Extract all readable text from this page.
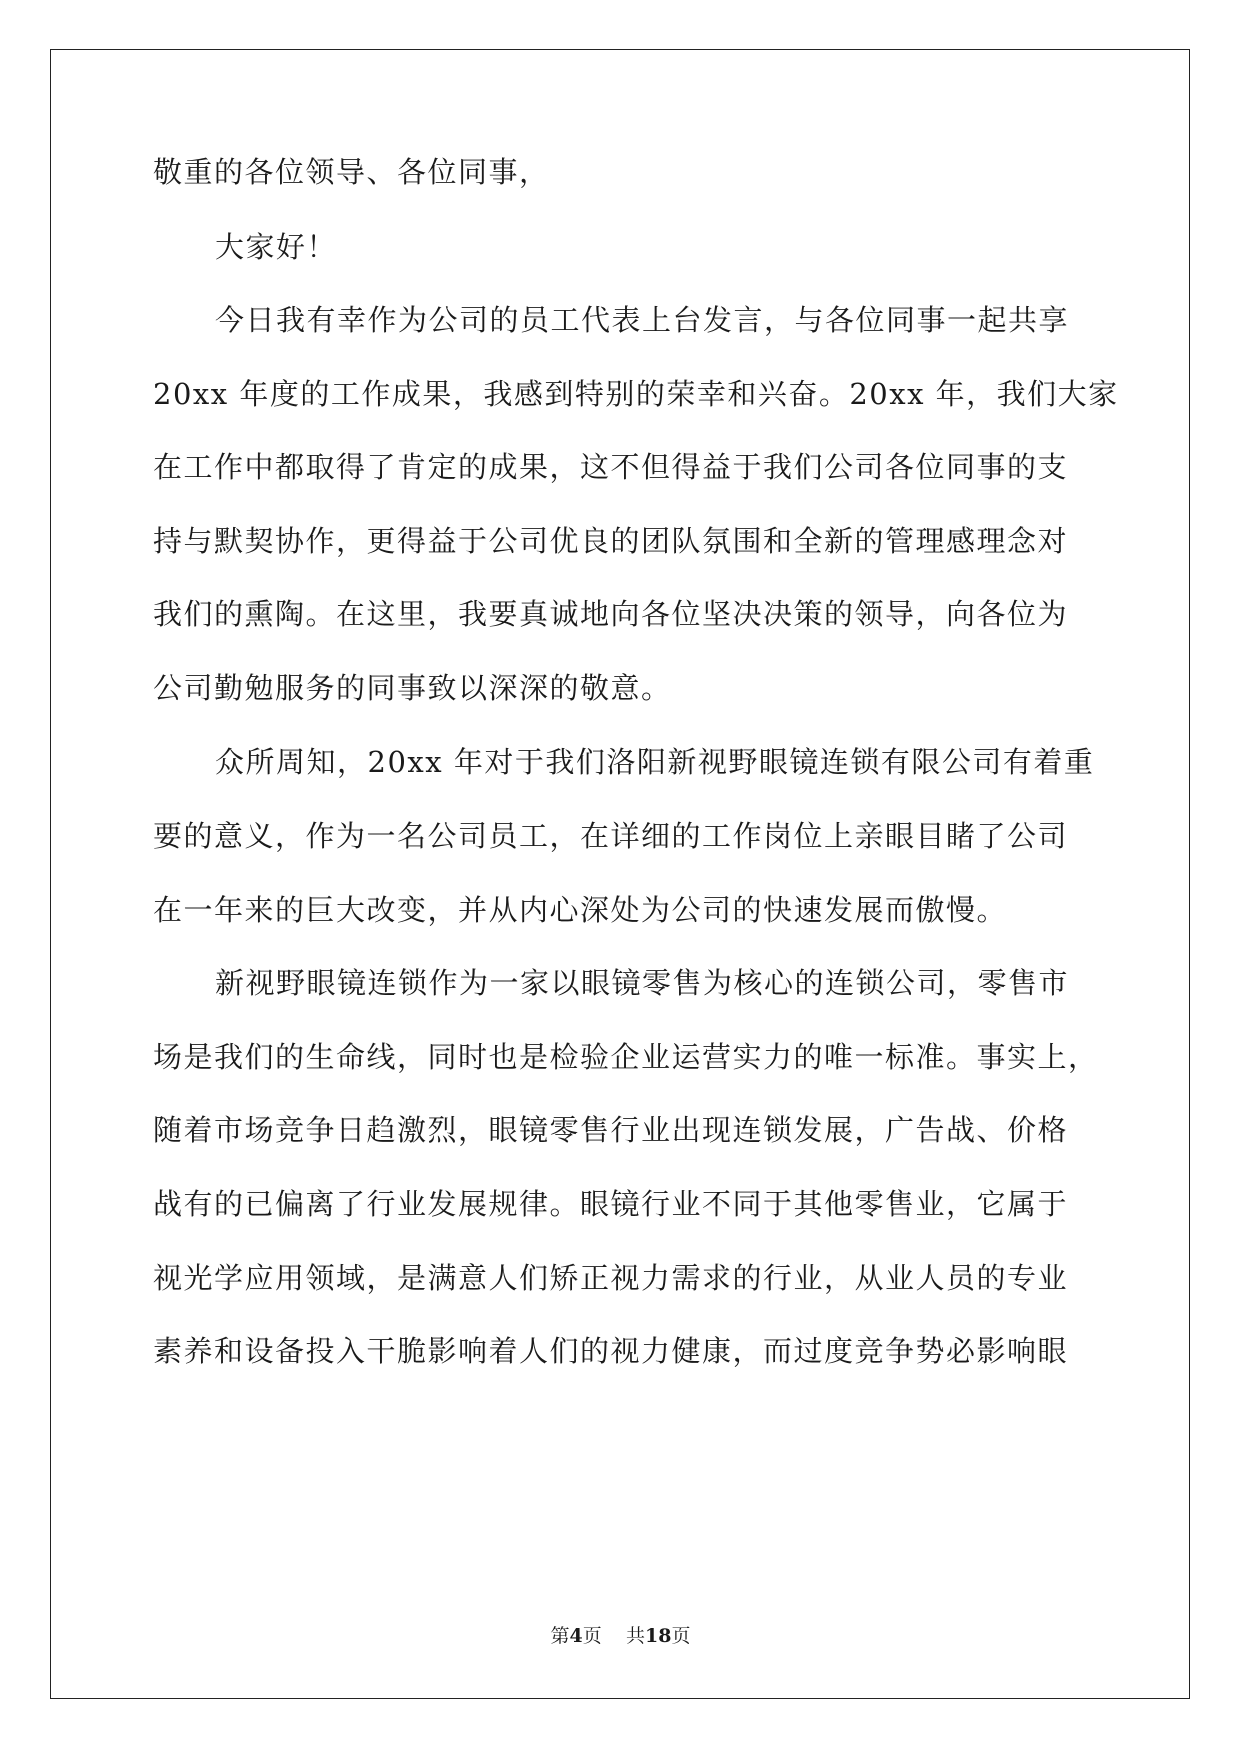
敬重的各位领导、各位同事，

大家好！

今日我有幸作为公司的员工代表上台发言，与各位同事一起共享

20xx 年度的工作成果，我感到特别的荣幸和兴奋。20xx 年，我们大家

在工作中都取得了肯定的成果，这不但得益于我们公司各位同事的支

持与默契协作，更得益于公司优良的团队氛围和全新的管理感理念对

我们的熏陶。在这里，我要真诚地向各位坚决决策的领导，向各位为

公司勤勉服务的同事致以深深的敬意。

众所周知，20xx 年对于我们洛阳新视野眼镜连锁有限公司有着重

要的意义，作为一名公司员工，在详细的工作岗位上亲眼目睹了公司

在一年来的巨大改变，并从内心深处为公司的快速发展而傲慢。

新视野眼镜连锁作为一家以眼镜零售为核心的连锁公司，零售市

场是我们的生命线，同时也是检验企业运营实力的唯一标准。事实上，

随着市场竞争日趋激烈，眼镜零售行业出现连锁发展，广告战、价格

战有的已偏离了行业发展规律。眼镜行业不同于其他零售业，它属于

视光学应用领域，是满意人们矫正视力需求的行业，从业人员的专业

素养和设备投入干脆影响着人们的视力健康，而过度竞争势必影响眼

第4页 共18页
